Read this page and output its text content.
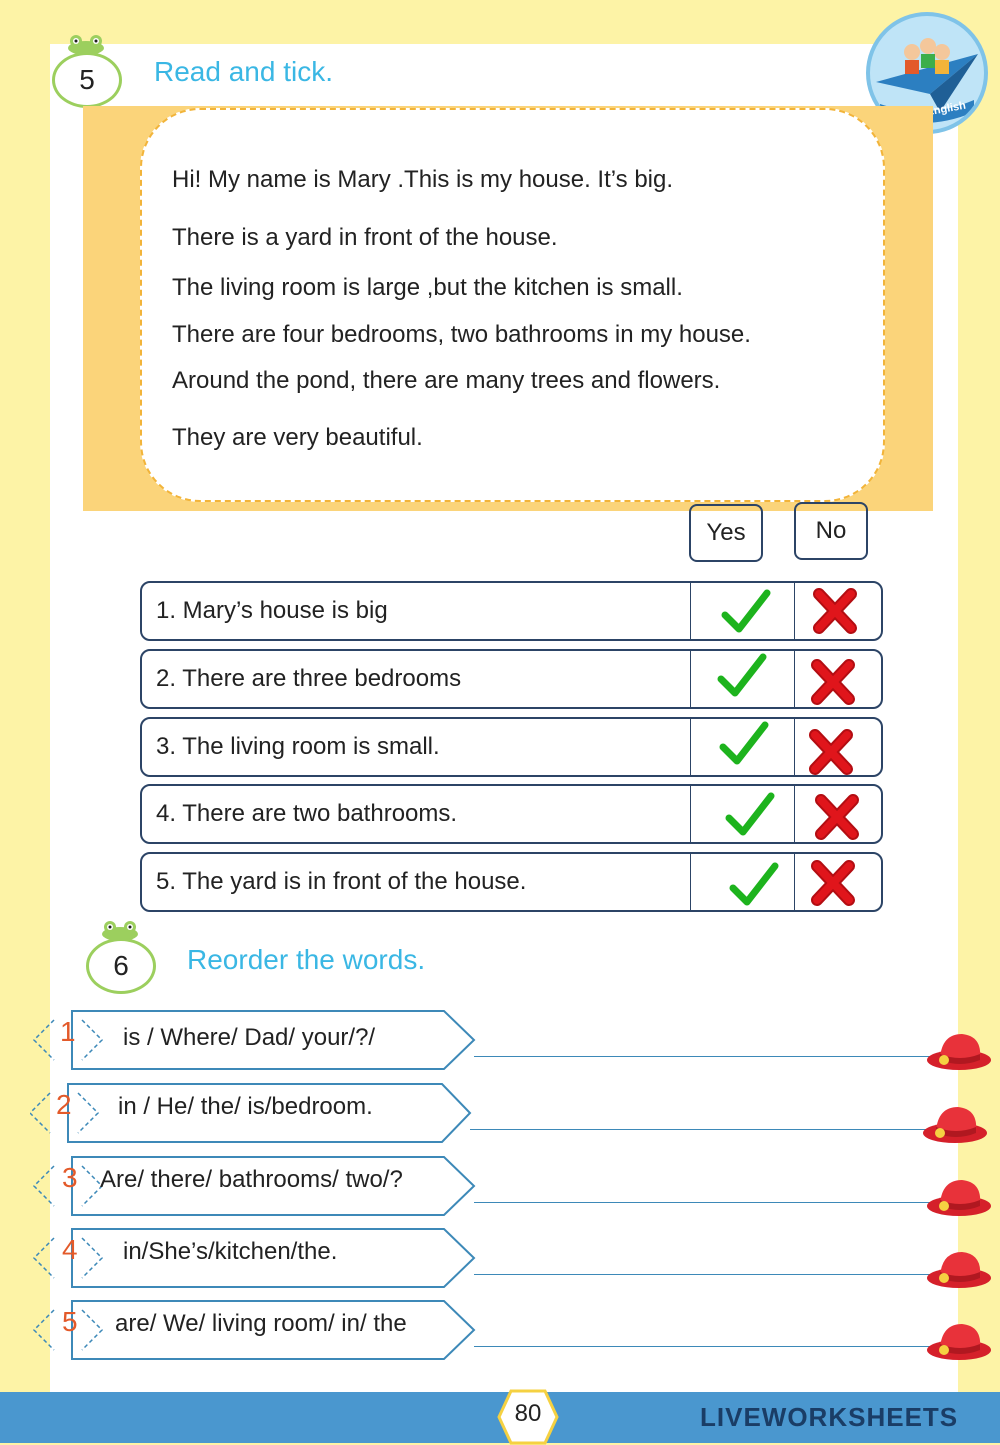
English
5	Read and tick.
Hi! My name is Mary .This is my house. It’s big.
There is a yard in front of the house.
The living room is large ,but the kitchen is small.
There are four bedrooms, two bathrooms in my house.
Around the pond, there are many trees and flowers.
They are very beautiful.
Yes	No
1. Mary’s house is big
2. There are three bedrooms
3. The living room is small.
4. There are two bathrooms.
5. The yard is in front of the house.
6	Reorder the words.
1 is / Where/ Dad/ your/?/
2 in / He/ the/ is/bedroom.
3 Are/ there/ bathrooms/ two/?
4 in/She’s/kitchen/the.
5 are/ We/ living room/ in/ the
80	LIVEWORKSHEETS
